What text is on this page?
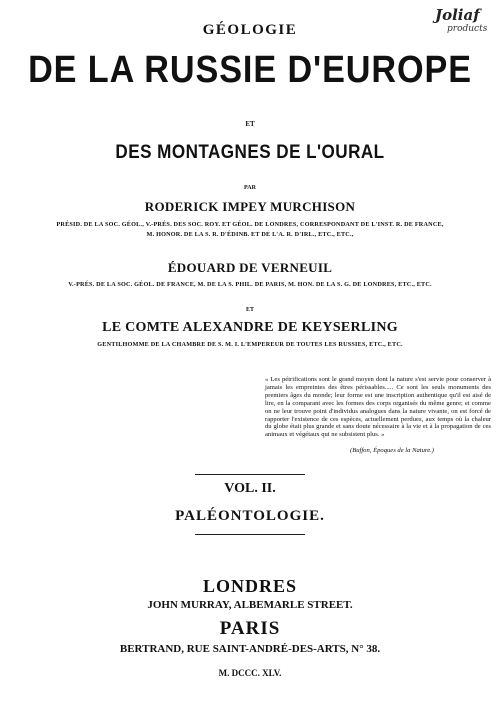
Joliaf
products
GÉOLOGIE
DE LA RUSSIE D'EUROPE
ET
DES MONTAGNES DE L'OURAL
PAR
RODERICK IMPEY MURCHISON
PRÉSID. DE LA SOC. GÉOL., V.-PRÉS. DES SOC. ROY. ET GÉOL. DE LONDRES, CORRESPONDANT DE L'INST. R. DE FRANCE,
M. HONOR. DE LA S. R. D'ÉDINB. ET DE L'A. R. D'IRL., ETC., ETC.,
ÉDOUARD DE VERNEUIL
V.-PRÉS. DE LA SOC. GÉOL. DE FRANCE, M. DE LA S. PHIL. DE PARIS, M. HON. DE LA S. G. DE LONDRES, ETC., ETC.
ET
LE COMTE ALEXANDRE DE KEYSERLING
GENTILHOMME DE LA CHAMBRE DE S. M. I. L'EMPEREUR DE TOUTES LES RUSSIES, ETC., ETC.

« Les pétrifications sont le grand moyen dont la nature s'est servie pour conserver à jamais les empreintes des êtres périssables..... Ce sont les seuls monuments des premiers âges du monde; leur forme est une inscription authentique qu'il est aisé de lire, en la comparant avec les formes des corps organisés du même genre; et comme on ne leur trouve point d'individus analogues dans la nature vivante, on est forcé de rapporter l'existence de ces espèces, actuellement perdues, aux temps où la chaleur du globe était plus grande et sans doute nécessaire à la vie et à la propagation de ces animaux et végétaux qui ne subsistent plus. »

(Buffon, Époques de la Nature.)
VOL. II.
PALÉONTOLOGIE.
LONDRES
JOHN MURRAY, ALBEMARLE STREET.
PARIS
BERTRAND, RUE SAINT-ANDRÉ-DES-ARTS, N° 38.
M. DCCC. XLV.
